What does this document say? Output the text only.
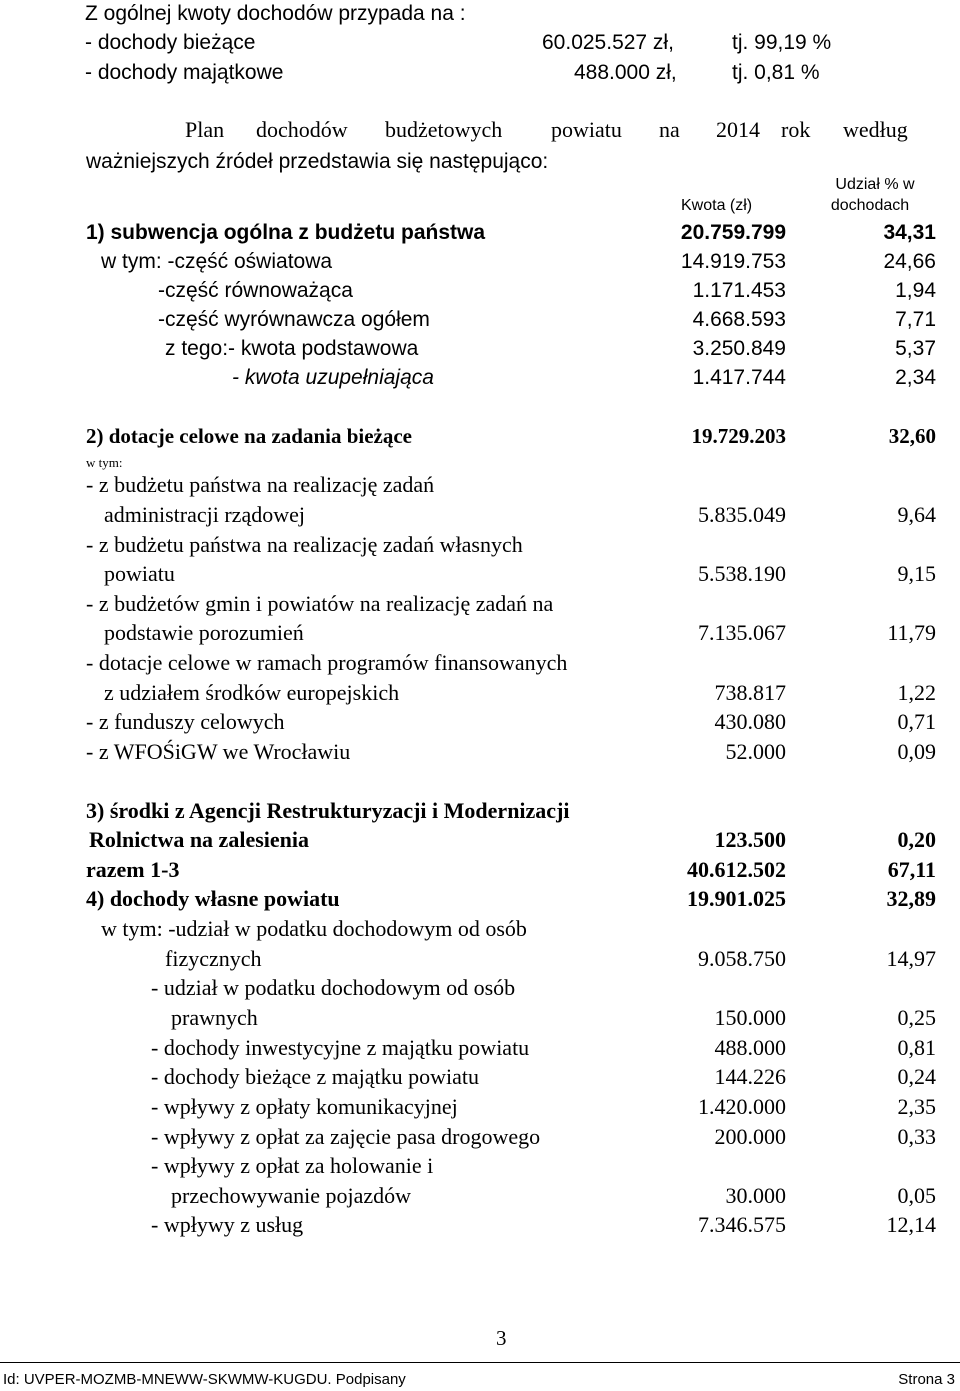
Z ogólnej kwoty dochodów przypada na :
- dochody bieżące	60.025.527 zł,	tj. 99,19 %
- dochody majątkowe	488.000 zł,	tj. 0,81 %
Plan dochodów budżetowych powiatu na 2014 rok według
ważniejszych źródeł przedstawia się następująco:
Udział % w
Kwota (zł)	dochodach
1) subwencja ogólna z budżetu państwa	20.759.799	34,31
w tym: -część oświatowa	14.919.753	24,66
-część równoważąca	1.171.453	1,94
-część wyrównawcza ogółem	4.668.593	7,71
z tego:- kwota podstawowa	3.250.849	5,37
- kwota uzupełniająca	1.417.744	2,34
2) dotacje celowe na zadania bieżące	19.729.203	32,60
w tym:
- z budżetu państwa na realizację zadań
administracji rządowej	5.835.049	9,64
- z budżetu państwa na realizację zadań własnych
powiatu	5.538.190	9,15
- z budżetów gmin i powiatów na realizację zadań na
podstawie porozumień	7.135.067	11,79
- dotacje celowe w ramach programów finansowanych
z udziałem środków europejskich	738.817	1,22
- z funduszy celowych	430.080	0,71
- z WFOŚiGW we Wrocławiu	52.000	0,09
3) środki z Agencji Restrukturyzacji i Modernizacji
Rolnictwa na zalesienia	123.500	0,20
razem 1-3	40.612.502	67,11
4) dochody własne powiatu	19.901.025	32,89
w tym: -udział w podatku dochodowym od osób
fizycznych	9.058.750	14,97
- udział w podatku dochodowym od osób
prawnych	150.000	0,25
- dochody inwestycyjne z majątku powiatu	488.000	0,81
- dochody bieżące z majątku powiatu	144.226	0,24
- wpływy z opłaty komunikacyjnej	1.420.000	2,35
- wpływy z opłat za zajęcie pasa drogowego	200.000	0,33
- wpływy z opłat za holowanie i
przechowywanie pojazdów	30.000	0,05
- wpływy z usług	7.346.575	12,14
3
Id: UVPER-MOZMB-MNEWW-SKWMW-KUGDU. Podpisany	Strona 3
